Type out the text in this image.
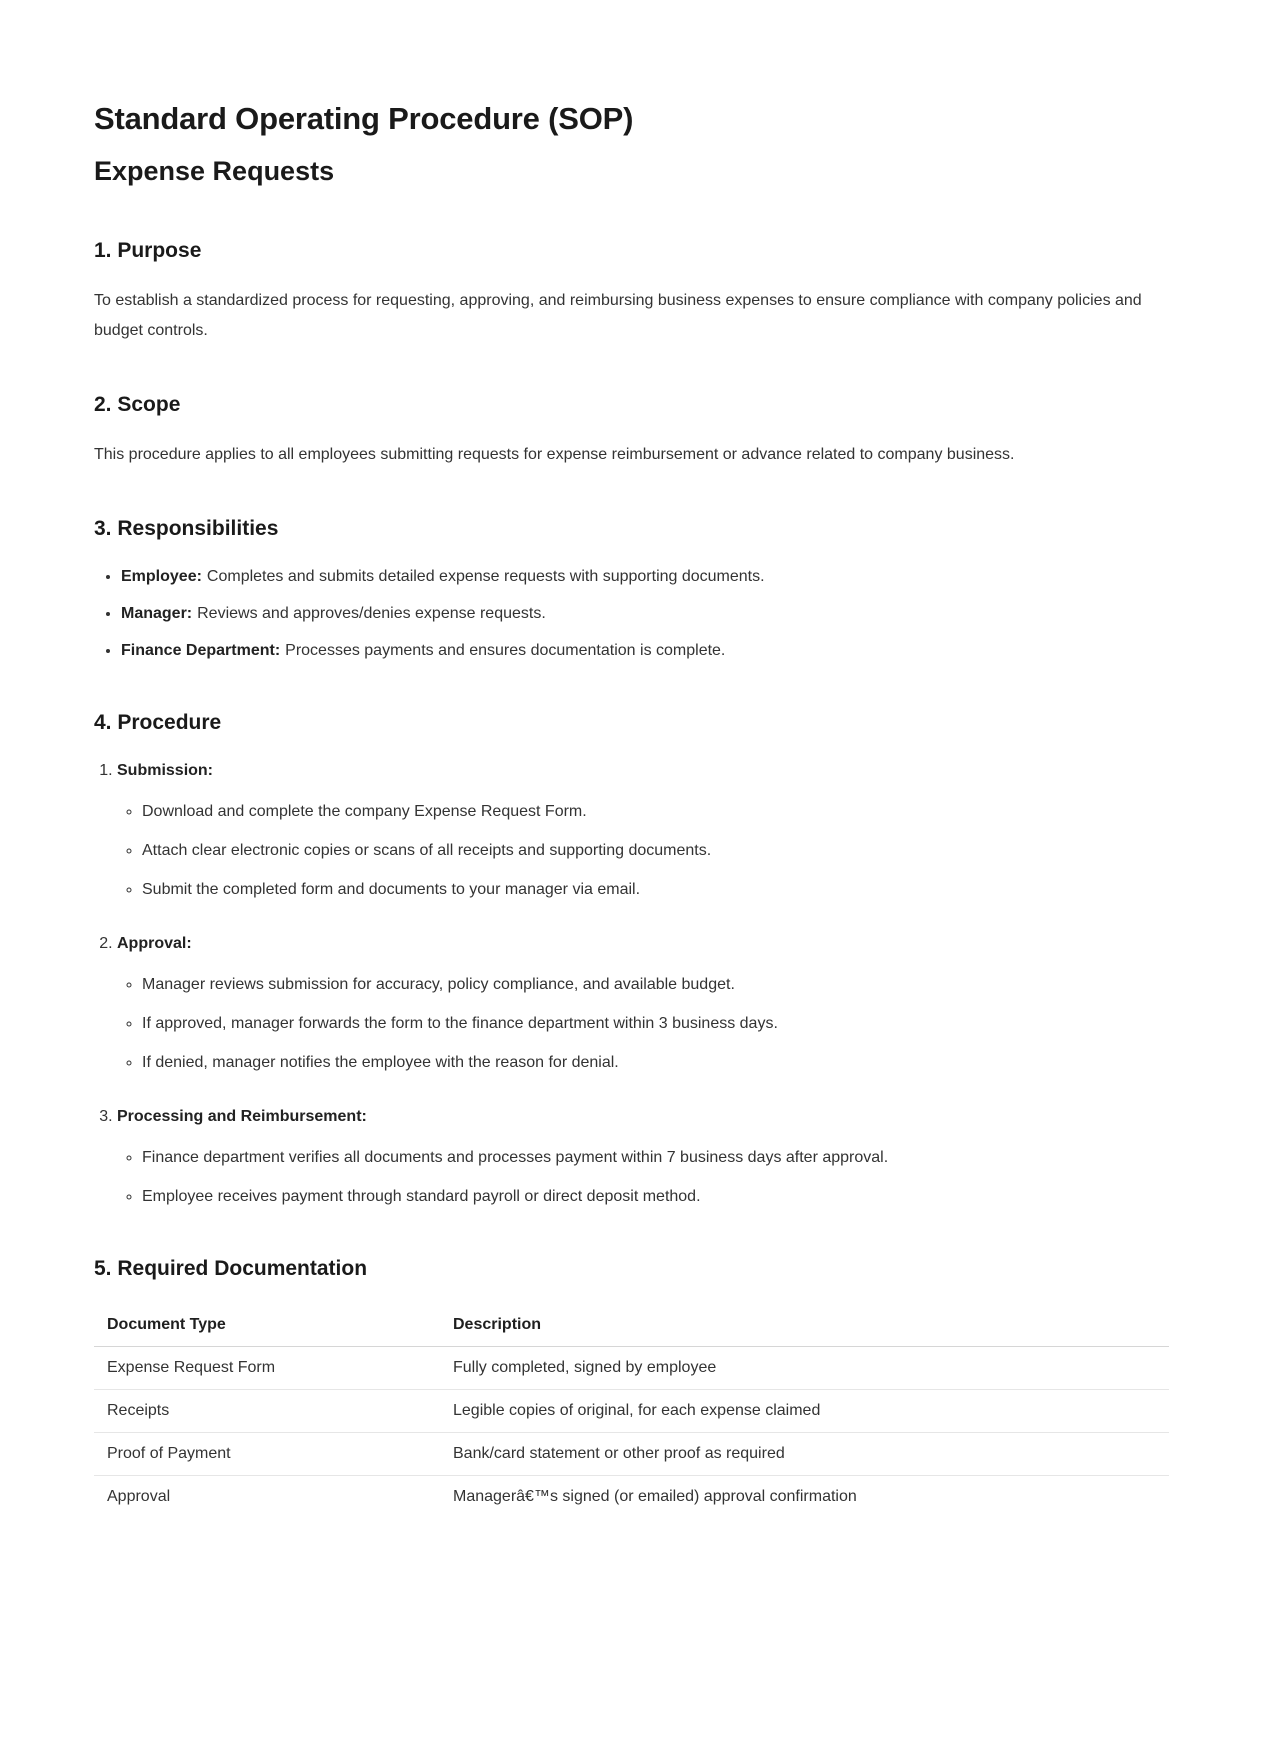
Standard Operating Procedure (SOP)
Expense Requests
1. Purpose

To establish a standardized process for requesting, approving, and reimbursing business expenses to ensure compliance with company policies and budget controls.

2. Scope

This procedure applies to all employees submitting requests for expense reimbursement or advance related to company business.

3. Responsibilities
• Employee: Completes and submits detailed expense requests with supporting documents.
• Manager: Reviews and approves/denies expense requests.
• Finance Department: Processes payments and ensures documentation is complete.
4. Procedure
1. Submission:
◦ Download and complete the company Expense Request Form.
◦ Attach clear electronic copies or scans of all receipts and supporting documents.
◦ Submit the completed form and documents to your manager via email.
2. Approval:
◦ Manager reviews submission for accuracy, policy compliance, and available budget.
◦ If approved, manager forwards the form to the finance department within 3 business days.
◦ If denied, manager notifies the employee with the reason for denial.
3. Processing and Reimbursement:
◦ Finance department verifies all documents and processes payment within 7 business days after approval.
◦ Employee receives payment through standard payroll or direct deposit method.
5. Required Documentation
Document Type	Description
Expense Request Form	Fully completed, signed by employee
Receipts	Legible copies of original, for each expense claimed
Proof of Payment	Bank/card statement or other proof as required
Approval	Managerâ€™s signed (or emailed) approval confirmation
